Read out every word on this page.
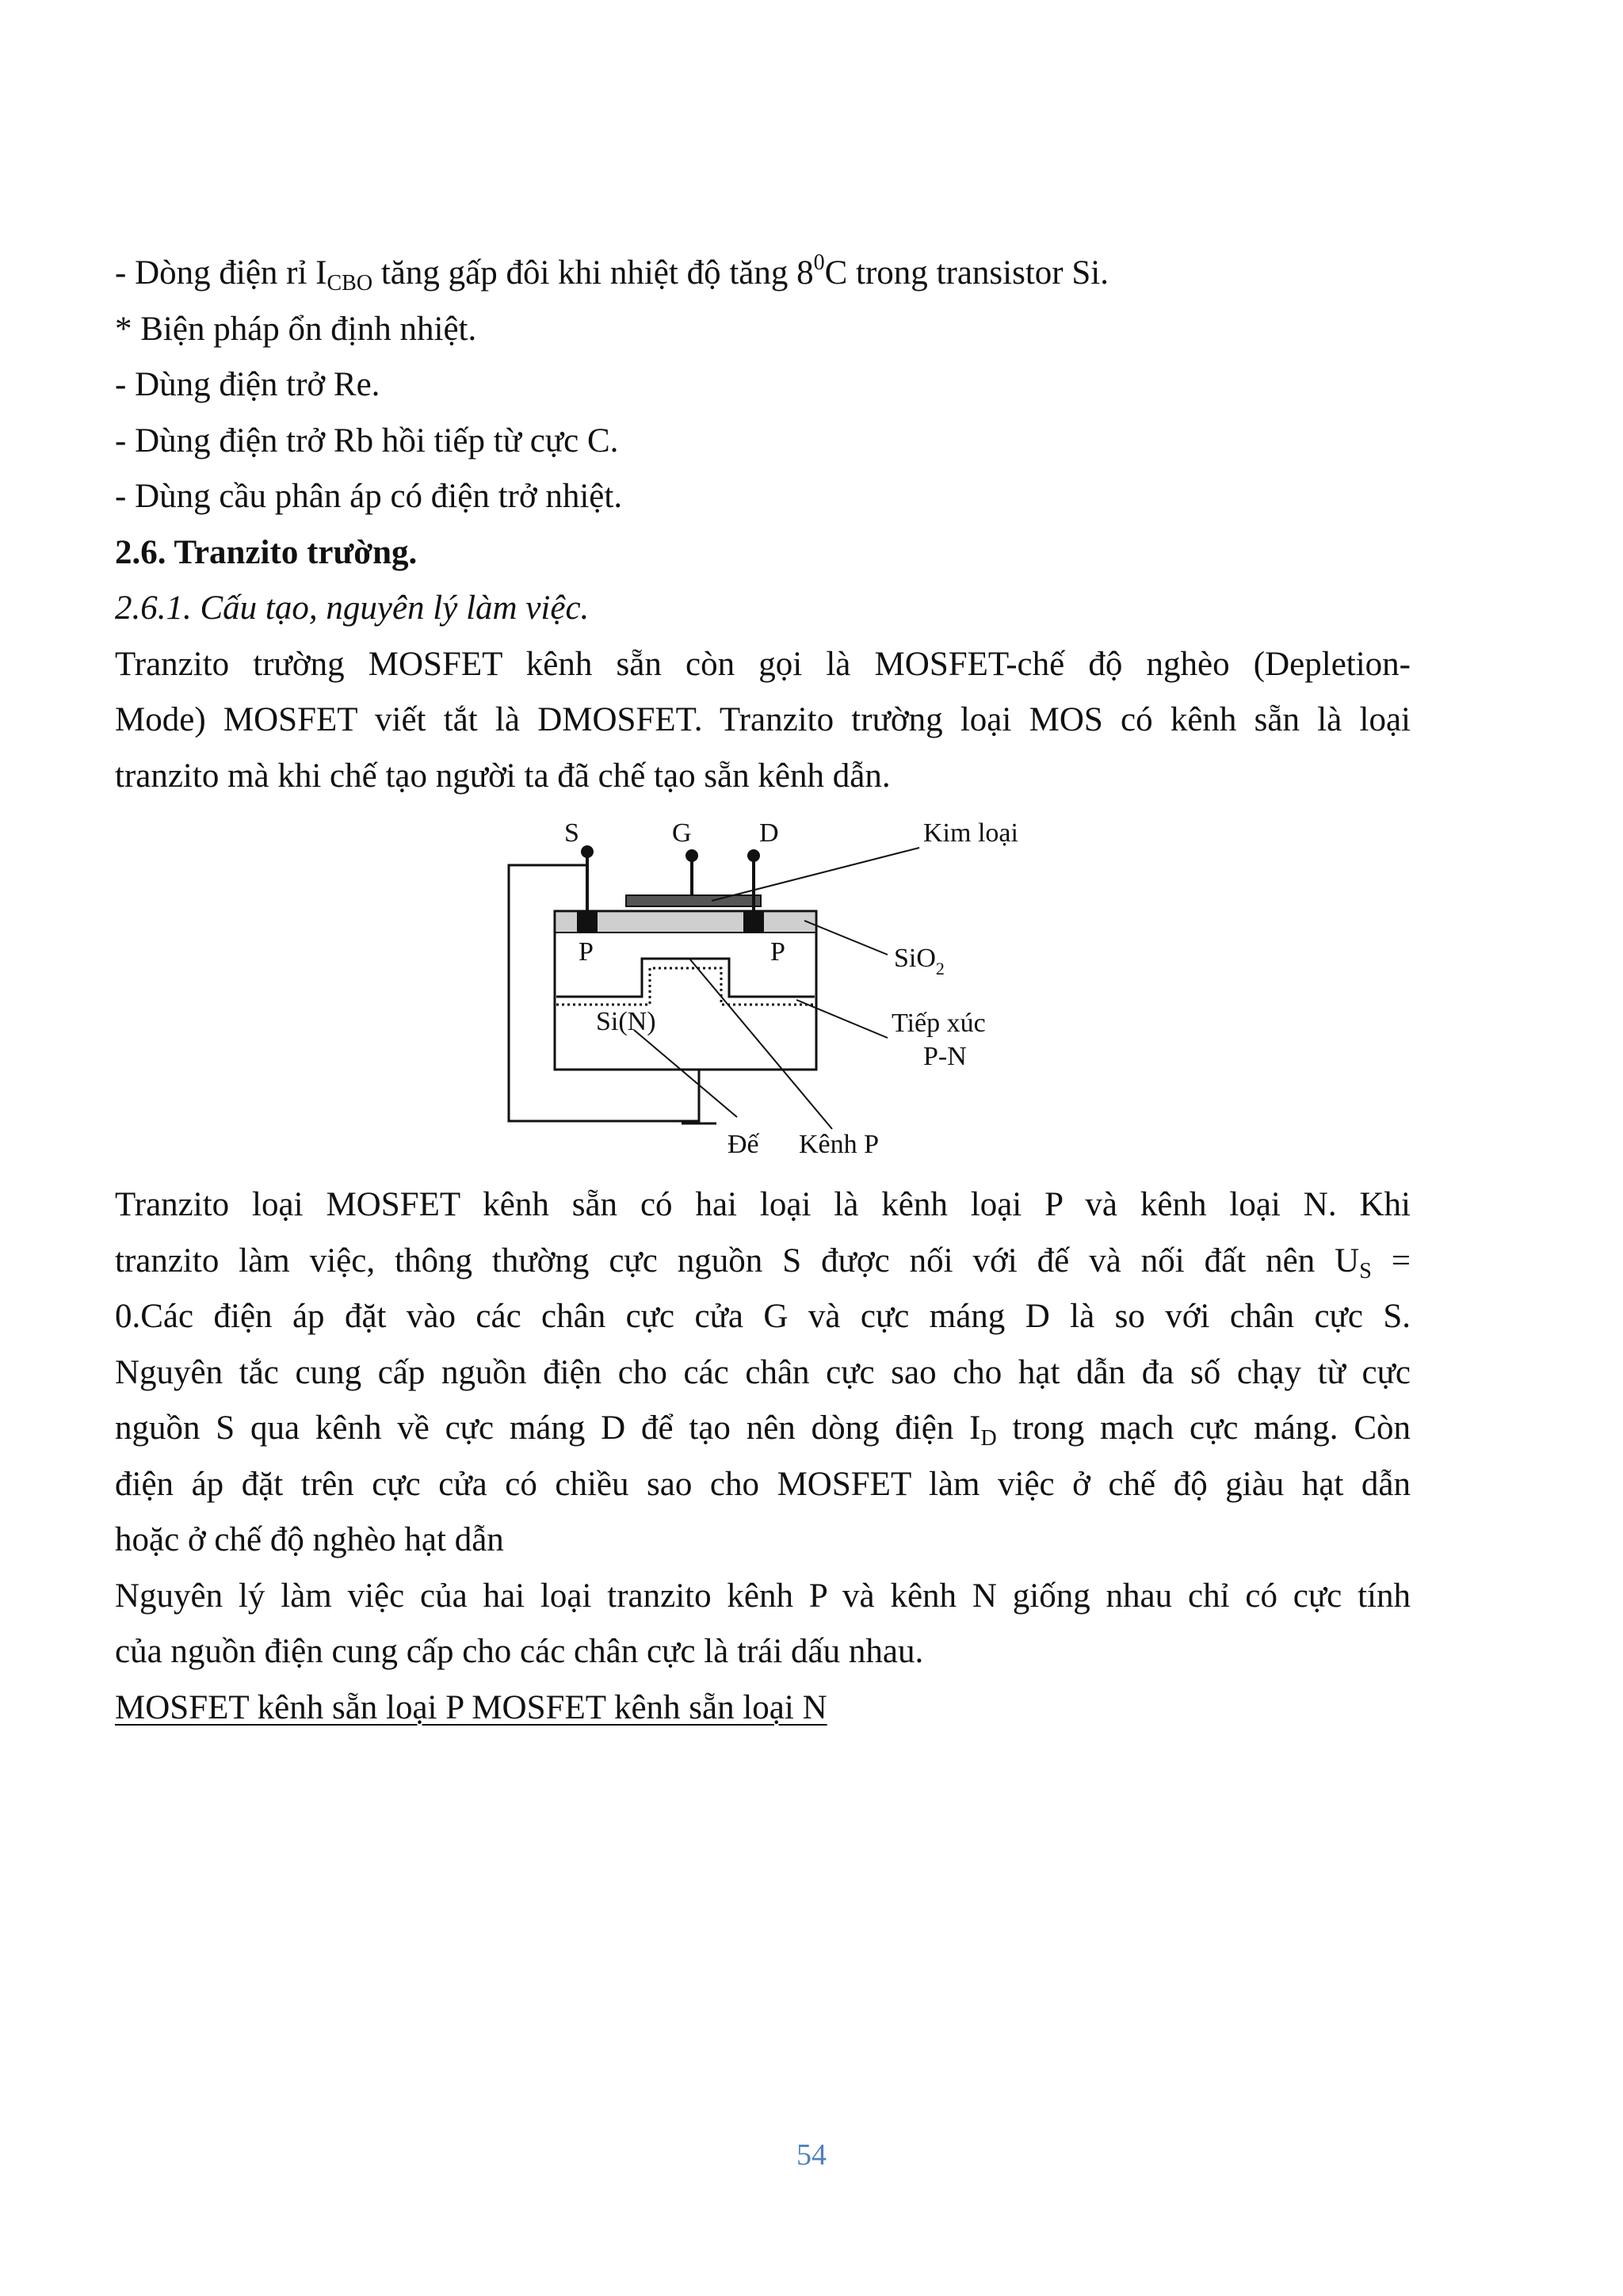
- Dòng điện rỉ $I_{CBO}$ tăng gấp đôi khi nhiệt độ tăng $8^0C$ trong transistor Si.

* Biện pháp ổn định nhiệt.

- Dùng điện trở Re.

- Dùng điện trở Rb hồi tiếp từ cực C.

- Dùng cầu phân áp có điện trở nhiệt.

2.6. Tranzito trường.

2.6.1. Cấu tạo, nguyên lý làm việc.

Tranzito trường MOSFET kênh sẵn còn gọi là MOSFET-chế độ nghèo (Depletion-

Mode) MOSFET viết tắt là DMOSFET. Tranzito trường loại MOS có kênh sẵn là loại

tranzito mà khi chế tạo người ta đã chế tạo sẵn kênh dẫn.

S	G	D	Kim loại
SiO$_2$
P	P
Si(N)	Tiếp xúc
P-N
Đế Kênh P

Tranzito loại MOSFET kênh sẵn có hai loại là kênh loại P và kênh loại N. Khi

tranzito làm việc, thông thường cực nguồn S được nối với đế và nối đất nên $U_S$ =

0.Các điện áp đặt vào các chân cực cửa G và cực máng D là so với chân cực S.

Nguyên tắc cung cấp nguồn điện cho các chân cực sao cho hạt dẫn đa số chạy từ cực

nguồn S qua kênh về cực máng D để tạo nên dòng điện $I_D$ trong mạch cực máng. Còn

điện áp đặt trên cực cửa có chiều sao cho MOSFET làm việc ở chế độ giàu hạt dẫn

hoặc ở chế độ nghèo hạt dẫn

Nguyên lý làm việc của hai loại tranzito kênh P và kênh N giống nhau chỉ có cực tính

của nguồn điện cung cấp cho các chân cực là trái dấu nhau.

MOSFET kênh sẵn loại P MOSFET kênh sẵn loại N

54
